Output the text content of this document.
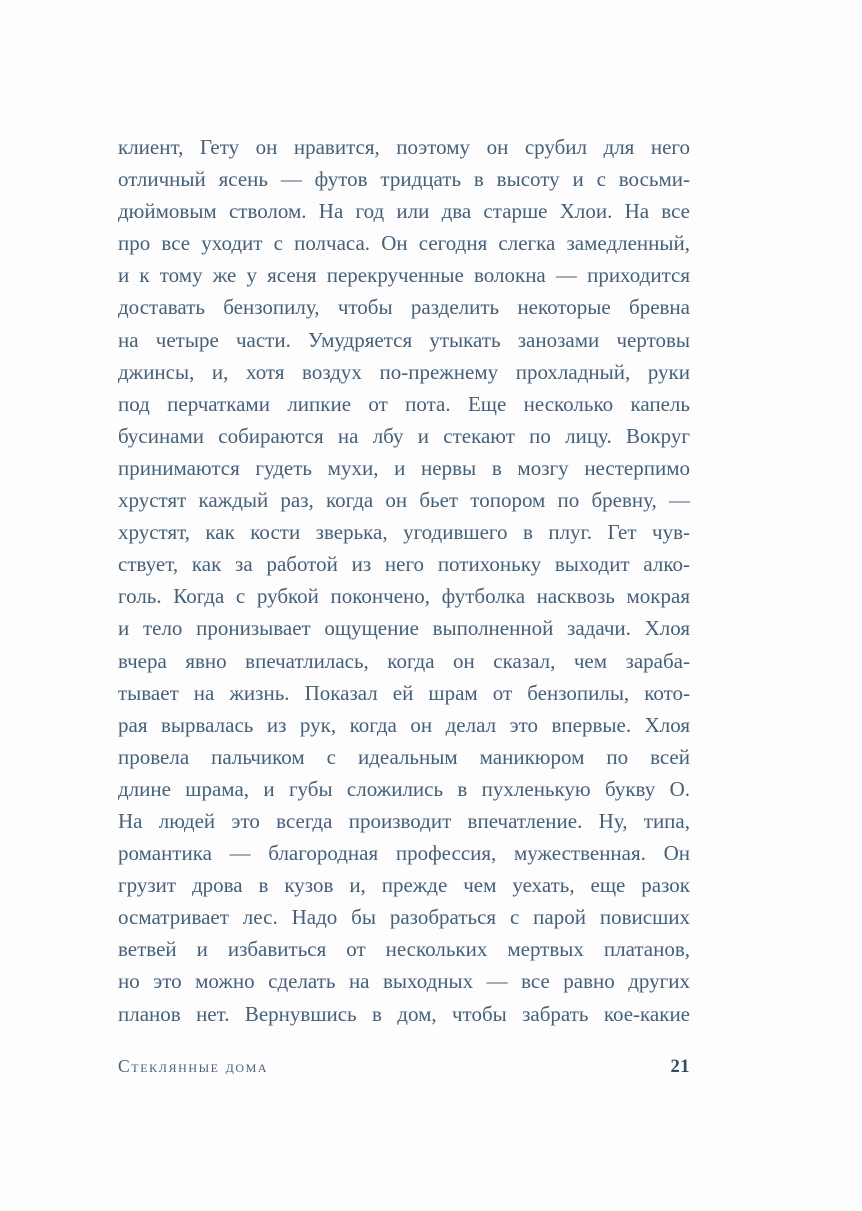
клиент, Гету он нравится, поэтому он срубил для него
отличный ясень — футов тридцать в высоту и с восьми-
дюймовым стволом. На год или два старше Хлои. На все
про все уходит с полчаса. Он сегодня слегка замедленный,
и к тому же у ясеня перекрученные волокна — приходится
доставать бензопилу, чтобы разделить некоторые бревна
на четыре части. Умудряется утыкать занозами чертовы
джинсы, и, хотя воздух по-прежнему прохладный, руки
под перчатками липкие от пота. Еще несколько капель
бусинами собираются на лбу и стекают по лицу. Вокруг
принимаются гудеть мухи, и нервы в мозгу нестерпимо
хрустят каждый раз, когда он бьет топором по бревну, —
хрустят, как кости зверька, угодившего в плуг. Гет чув-
ствует, как за работой из него потихоньку выходит алко-
голь. Когда с рубкой покончено, футболка насквозь мокрая
и тело пронизывает ощущение выполненной задачи. Хлоя
вчера явно впечатлилась, когда он сказал, чем зараба-
тывает на жизнь. Показал ей шрам от бензопилы, кото-
рая вырвалась из рук, когда он делал это впервые. Хлоя
провела пальчиком с идеальным маникюром по всей
длине шрама, и губы сложились в пухленькую букву О.
На людей это всегда производит впечатление. Ну, типа,
романтика — благородная профессия, мужественная. Он
грузит дрова в кузов и, прежде чем уехать, еще разок
осматривает лес. Надо бы разобраться с парой повисших
ветвей и избавиться от нескольких мертвых платанов,
но это можно сделать на выходных — все равно других
планов нет. Вернувшись в дом, чтобы забрать кое-какие
Стеклянные дома	21
